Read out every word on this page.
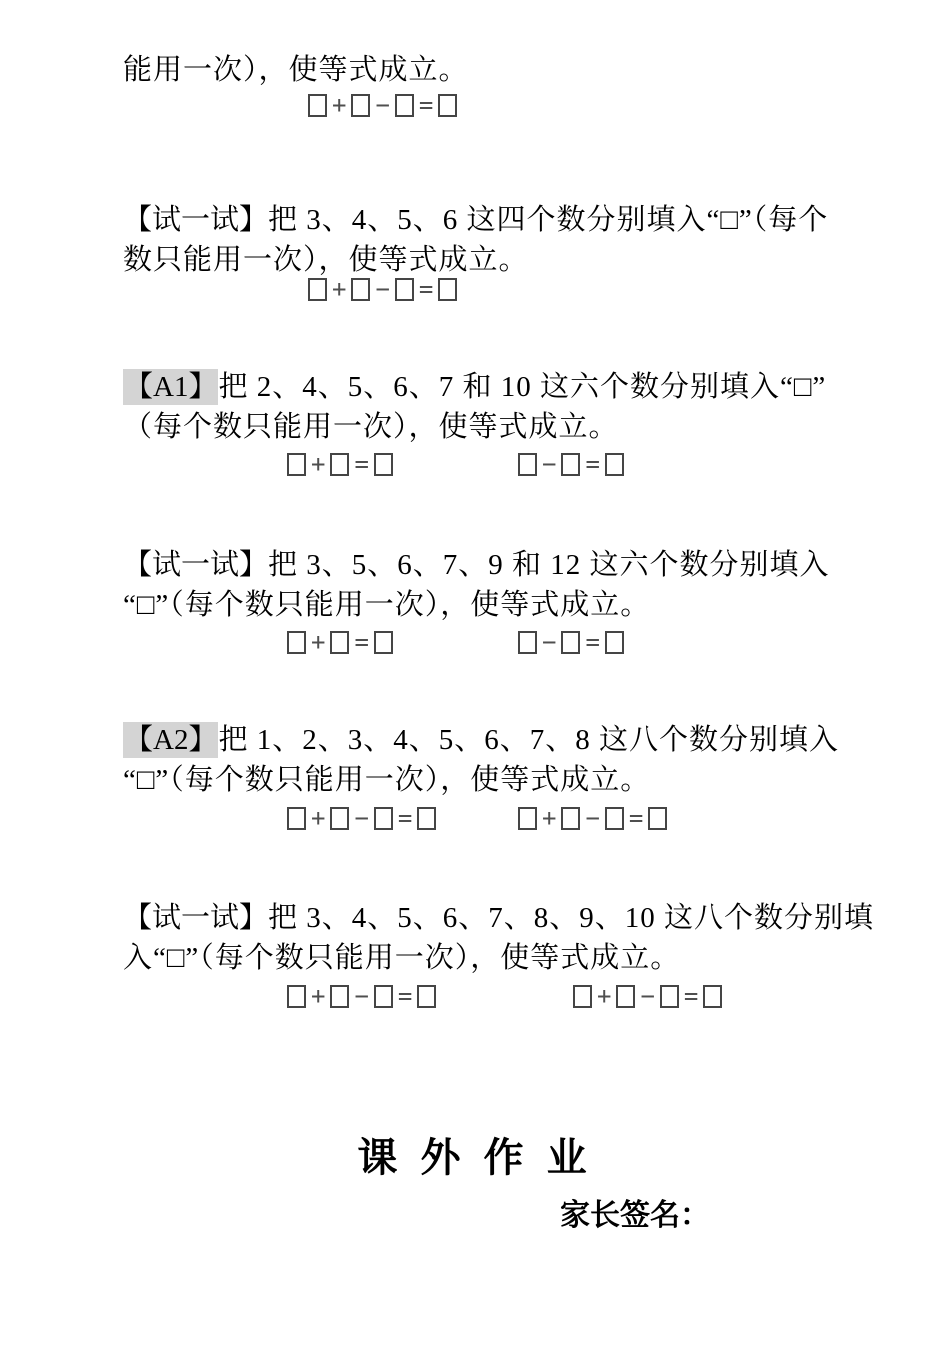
能用一次），使等式成立。
+ − =
【试一试】把 3、4、5、6 这四个数分别填入“□”（每个
数只能用一次），使等式成立。
+ − =
【A1】把 2、4、5、6、7 和 10 这六个数分别填入“□”
（每个数只能用一次），使等式成立。
+ =	− =
【试一试】把 3、5、6、7、9 和 12 这六个数分别填入
“□”（每个数只能用一次），使等式成立。
+ =	− =
【A2】把 1、2、3、4、5、6、7、8 这八个数分别填入
“□”（每个数只能用一次），使等式成立。
+ − =	+ − =
【试一试】把 3、4、5、6、7、8、9、10 这八个数分别填
入“□”（每个数只能用一次），使等式成立。
+ − =	+ − =
课 外 作 业
家长签名：
